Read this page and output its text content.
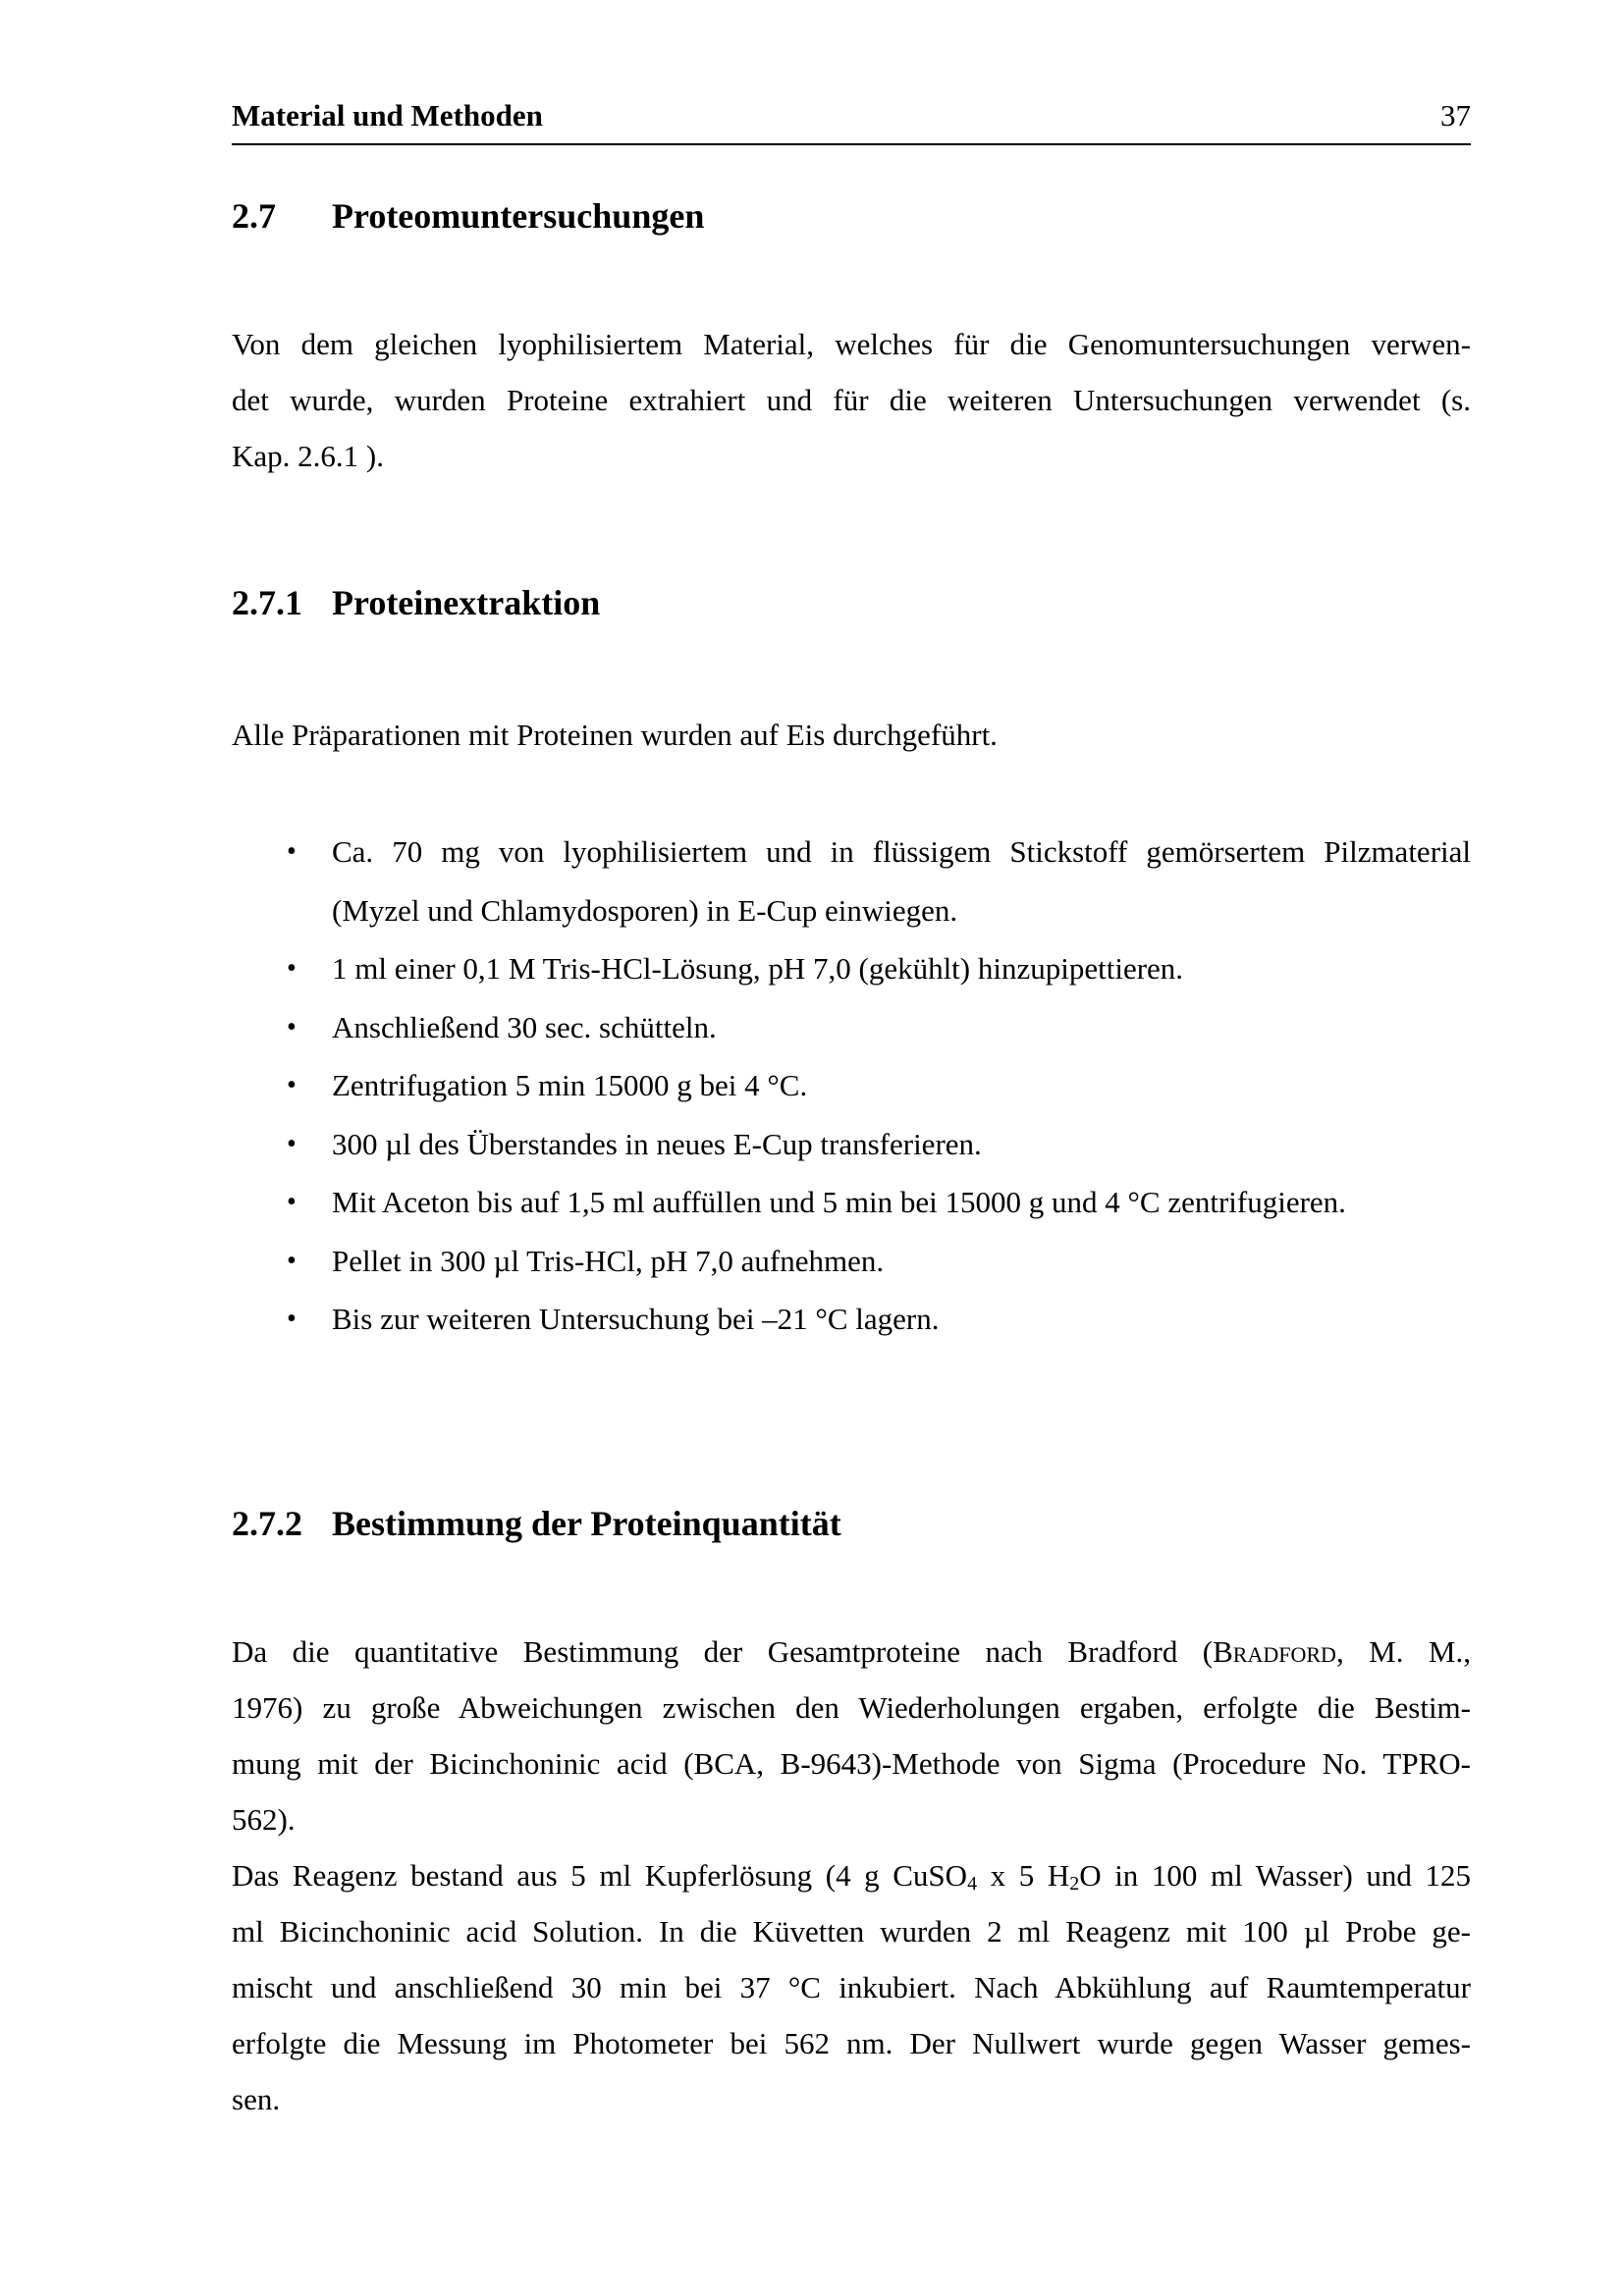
Material und Methoden	37
2.7 Proteomuntersuchungen
Von dem gleichen lyophilisiertem Material, welches für die Genomuntersuchungen verwen-
det wurde, wurden Proteine extrahiert und für die weiteren Untersuchungen verwendet (s.
Kap. 2.6.1 ).
2.7.1 Proteinextraktion
Alle Präparationen mit Proteinen wurden auf Eis durchgeführt.
• Ca. 70 mg von lyophilisiertem und in flüssigem Stickstoff gemörsertem Pilzmaterial
(Myzel und Chlamydosporen) in E-Cup einwiegen.
• 1 ml einer 0,1 M Tris-HCl-Lösung, pH 7,0 (gekühlt) hinzupipettieren.
• Anschließend 30 sec. schütteln.
• Zentrifugation 5 min 15000 g bei 4 °C.
• 300 µl des Überstandes in neues E-Cup transferieren.
• Mit Aceton bis auf 1,5 ml auffüllen und 5 min bei 15000 g und 4 °C zentrifugieren.
• Pellet in 300 µl Tris-HCl, pH 7,0 aufnehmen.
• Bis zur weiteren Untersuchung bei –21 °C lagern.
2.7.2 Bestimmung der Proteinquantität
Da die quantitative Bestimmung der Gesamtproteine nach Bradford (Bradford, M. M.,
1976) zu große Abweichungen zwischen den Wiederholungen ergaben, erfolgte die Bestim-
mung mit der Bicinchoninic acid (BCA, B-9643)-Methode von Sigma (Procedure No. TPRO-
562).
Das Reagenz bestand aus 5 ml Kupferlösung (4 g CuSO$_4$ x 5 $H_2O$ in 100 ml Wasser) und 125
ml Bicinchoninic acid Solution. In die Küvetten wurden 2 ml Reagenz mit 100 µl Probe ge-
mischt und anschließend 30 min bei 37 °C inkubiert. Nach Abkühlung auf Raumtemperatur
erfolgte die Messung im Photometer bei 562 nm. Der Nullwert wurde gegen Wasser gemes-
sen.
